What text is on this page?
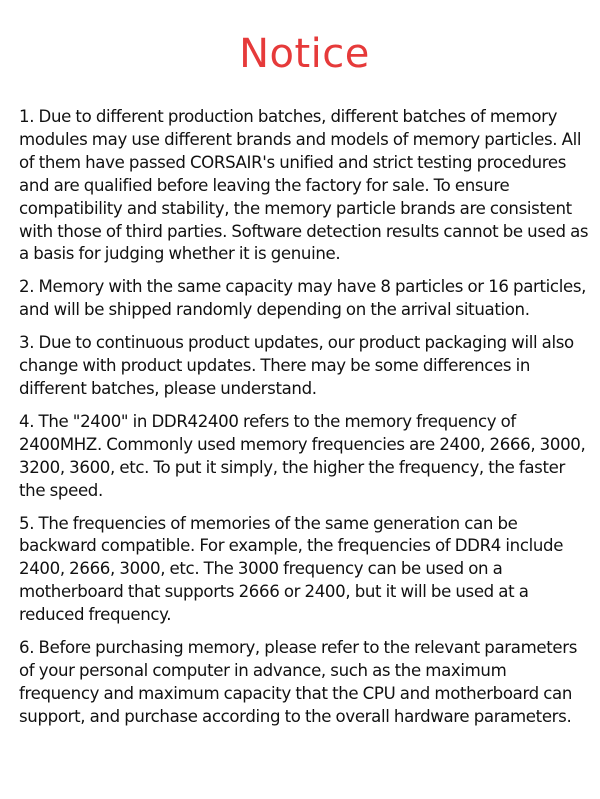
Notice

1. Due to different production batches, different batches of memory modules may use different brands and models of memory particles. All of them have passed CORSAIR's unified and strict testing procedures and are qualified before leaving the factory for sale. To ensure compatibility and stability, the memory particle brands are consistent with those of third parties. Software detection results cannot be used as a basis for judging whether it is genuine.

2. Memory with the same capacity may have 8 particles or 16 particles, and will be shipped randomly depending on the arrival situation.

3. Due to continuous product updates, our product packaging will also change with product updates. There may be some differences in different batches, please understand.

4. The "2400" in DDR42400 refers to the memory frequency of 2400MHZ. Commonly used memory frequencies are 2400, 2666, 3000, 3200, 3600, etc. To put it simply, the higher the frequency, the faster the speed.

5. The frequencies of memories of the same generation can be backward compatible. For example, the frequencies of DDR4 include 2400, 2666, 3000, etc. The 3000 frequency can be used on a motherboard that supports 2666 or 2400, but it will be used at a reduced frequency.

6. Before purchasing memory, please refer to the relevant parameters of your personal computer in advance, such as the maximum frequency and maximum capacity that the CPU and motherboard can support, and purchase according to the overall hardware parameters.
